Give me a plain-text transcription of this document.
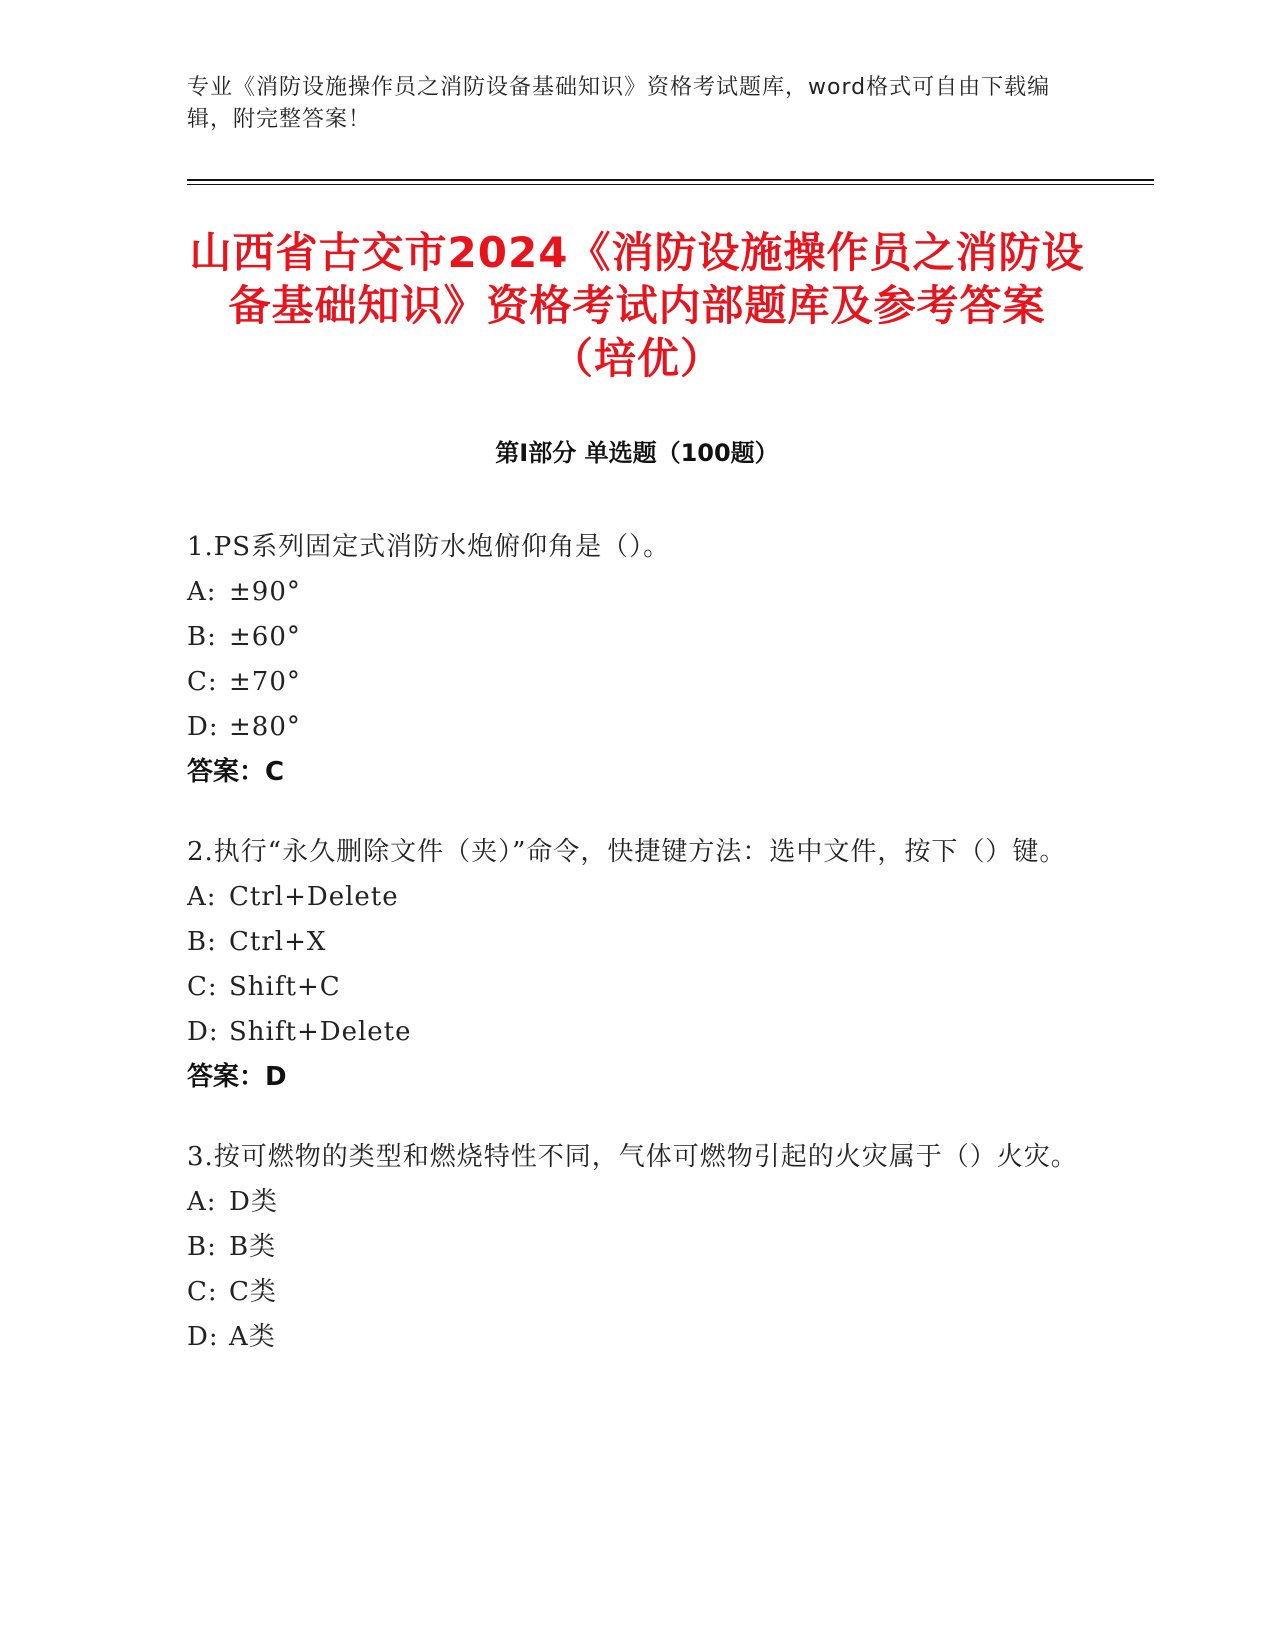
专业《消防设施操作员之消防设备基础知识》资格考试题库，word格式可自由下载编辑，附完整答案！
山西省古交市2024《消防设施操作员之消防设备基础知识》资格考试内部题库及参考答案（培优）
第Ⅰ部分 单选题（100题）
1.PS系列固定式消防水炮俯仰角是（）。
A: ±90°
B: ±60°
C: ±70°
D: ±80°
答案：C
2.执行“永久删除文件（夹）”命令，快捷键方法：选中文件，按下（）键。
A: Ctrl+Delete
B: Ctrl+X
C: Shift+C
D: Shift+Delete
答案：D
3.按可燃物的类型和燃烧特性不同，气体可燃物引起的火灾属于（）火灾。
A: D类
B: B类
C: C类
D: A类
